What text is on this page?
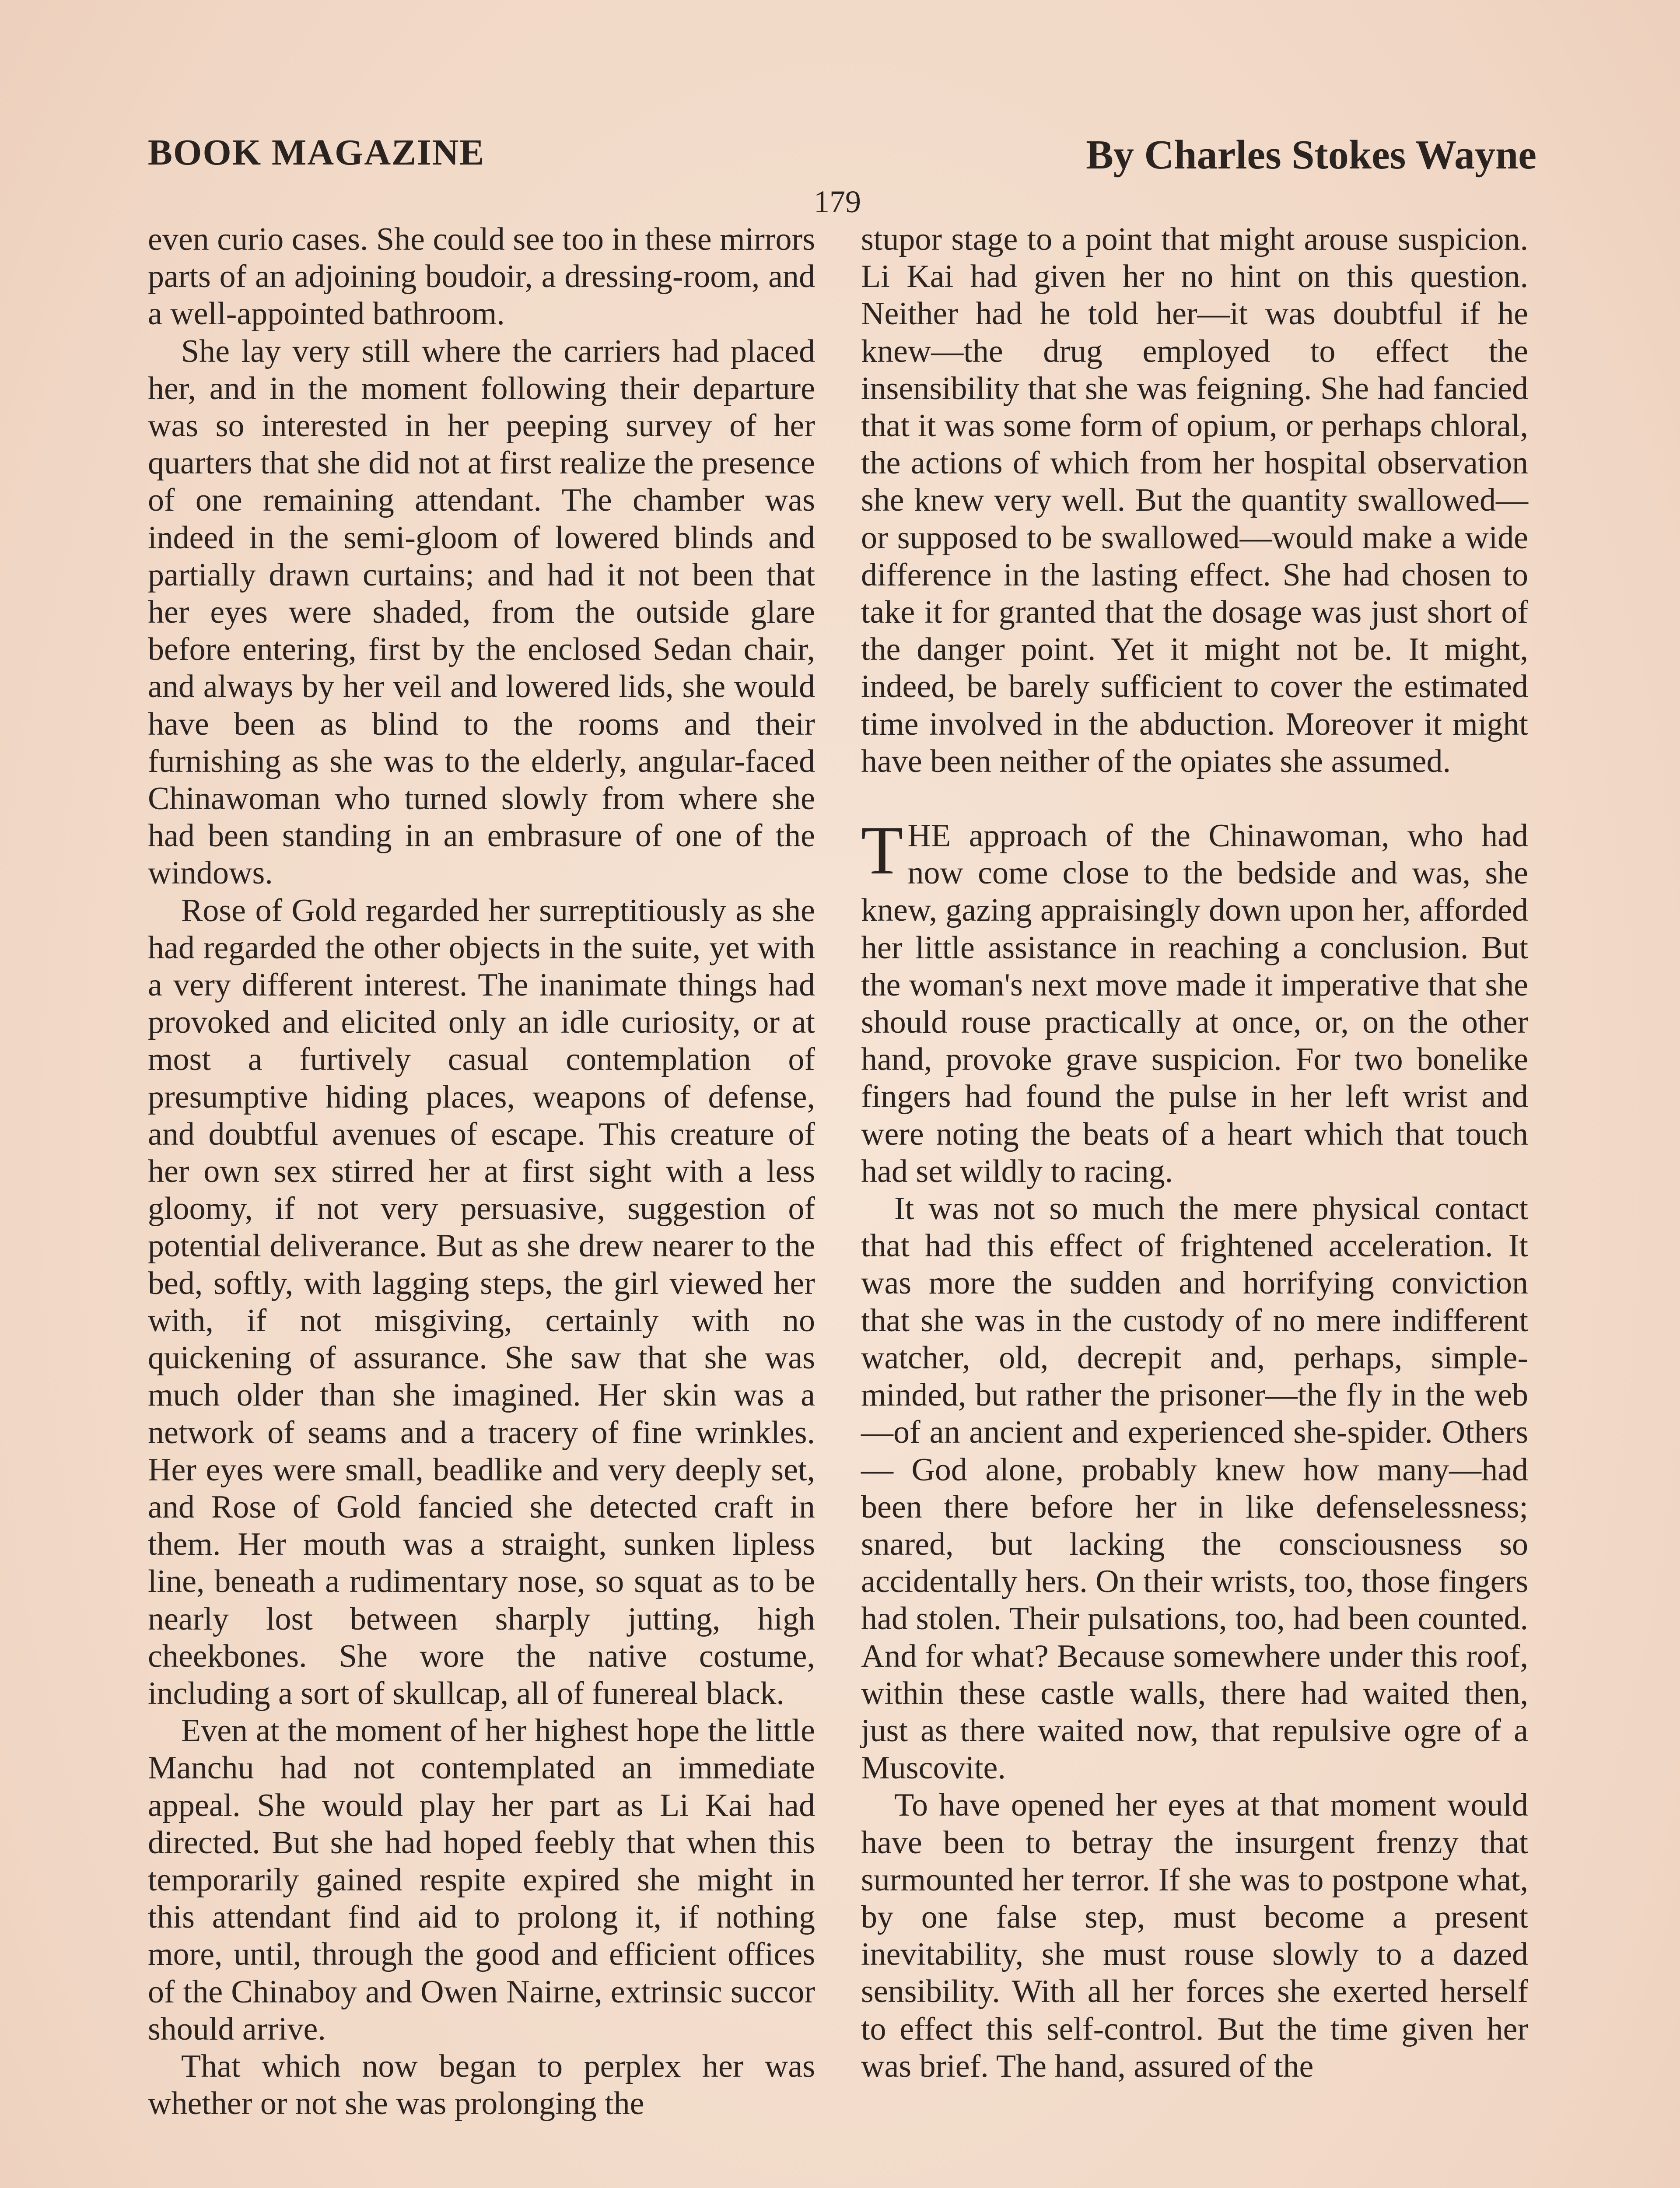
BOOK MAGAZINE	By Charles Stokes Wayne
179

even curio cases. She could see too in these mirrors parts of an adjoining boudoir, a dressing-room, and a well-appointed bathroom.

She lay very still where the carriers had placed her, and in the moment following their departure was so interested in her peeping survey of her quarters that she did not at first realize the presence of one remaining attendant. The chamber was indeed in the semi-gloom of lowered blinds and partially drawn curtains; and had it not been that her eyes were shaded, from the outside glare before entering, first by the enclosed Sedan chair, and always by her veil and lowered lids, she would have been as blind to the rooms and their furnishing as she was to the elderly, angular-faced Chinawoman who turned slowly from where she had been standing in an embrasure of one of the windows.

Rose of Gold regarded her surreptitiously as she had regarded the other objects in the suite, yet with a very different interest. The inanimate things had provoked and elicited only an idle curiosity, or at most a furtively casual contemplation of presumptive hiding places, weapons of defense, and doubtful avenues of escape. This creature of her own sex stirred her at first sight with a less gloomy, if not very persuasive, suggestion of potential deliverance. But as she drew nearer to the bed, softly, with lagging steps, the girl viewed her with, if not misgiving, certainly with no quickening of assurance. She saw that she was much older than she imagined. Her skin was a network of seams and a tracery of fine wrinkles. Her eyes were small, beadlike and very deeply set, and Rose of Gold fancied she detected craft in them. Her mouth was a straight, sunken lipless line, beneath a rudimentary nose, so squat as to be nearly lost between sharply jutting, high cheekbones. She wore the native costume, including a sort of skullcap, all of funereal black.

Even at the moment of her highest hope the little Manchu had not contemplated an immediate appeal. She would play her part as Li Kai had directed. But she had hoped feebly that when this temporarily gained respite expired she might in this attendant find aid to prolong it, if nothing more, until, through the good and efficient offices of the Chinaboy and Owen Nairne, extrinsic succor should arrive.

That which now began to perplex her was whether or not she was prolonging the

stupor stage to a point that might arouse suspicion. Li Kai had given her no hint on this question. Neither had he told her—it was doubtful if he knew—the drug employed to effect the insensibility that she was feigning. She had fancied that it was some form of opium, or perhaps chloral, the actions of which from her hospital observation she knew very well. But the quantity swallowed—or supposed to be swallowed—would make a wide difference in the lasting effect. She had chosen to take it for granted that the dosage was just short of the danger point. Yet it might not be. It might, indeed, be barely sufficient to cover the estimated time involved in the abduction. Moreover it might have been neither of the opiates she assumed.

THE approach of the Chinawoman, who had now come close to the bedside and was, she knew, gazing appraisingly down upon her, afforded her little assistance in reaching a conclusion. But the woman's next move made it imperative that she should rouse practically at once, or, on the other hand, provoke grave suspicion. For two bonelike fingers had found the pulse in her left wrist and were noting the beats of a heart which that touch had set wildly to racing.

It was not so much the mere physical contact that had this effect of frightened acceleration. It was more the sudden and horrifying conviction that she was in the custody of no mere indifferent watcher, old, decrepit and, perhaps, simple-minded, but rather the prisoner—the fly in the web—of an ancient and experienced she-spider. Others — God alone, probably knew how many—had been there before her in like defenselessness; snared, but lacking the consciousness so accidentally hers. On their wrists, too, those fingers had stolen. Their pulsations, too, had been counted. And for what? Because somewhere under this roof, within these castle walls, there had waited then, just as there waited now, that repulsive ogre of a Muscovite.

To have opened her eyes at that moment would have been to betray the insurgent frenzy that surmounted her terror. If she was to postpone what, by one false step, must become a present inevitability, she must rouse slowly to a dazed sensibility. With all her forces she exerted herself to effect this self-control. But the time given her was brief. The hand, assured of the
